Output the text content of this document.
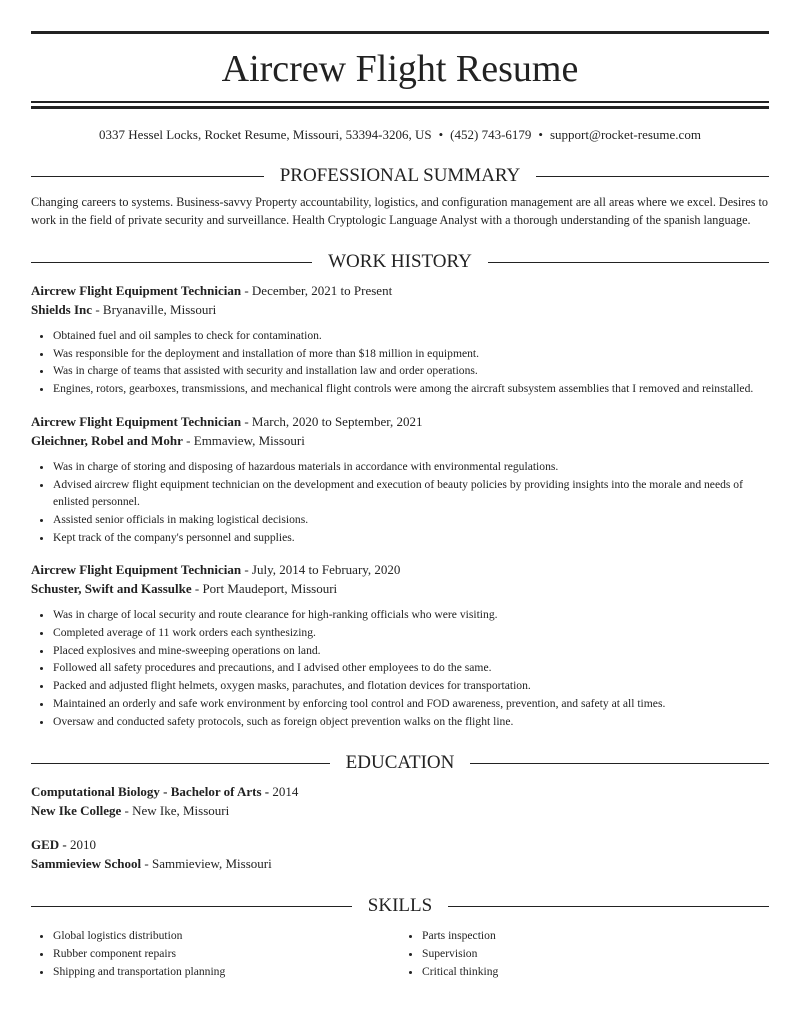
Aircrew Flight Resume
0337 Hessel Locks, Rocket Resume, Missouri, 53394-3206, US • (452) 743-6179 • support@rocket-resume.com
PROFESSIONAL SUMMARY

Changing careers to systems. Business-savvy Property accountability, logistics, and configuration management are all areas where we excel. Desires to work in the field of private security and surveillance. Health Cryptologic Language Analyst with a thorough understanding of the spanish language.

WORK HISTORY
Aircrew Flight Equipment Technician - December, 2021 to Present
Shields Inc - Bryanaville, Missouri
• Obtained fuel and oil samples to check for contamination.
• Was responsible for the deployment and installation of more than $18 million in equipment.
• Was in charge of teams that assisted with security and installation law and order operations.
• Engines, rotors, gearboxes, transmissions, and mechanical flight controls were among the aircraft subsystem assemblies that I removed and reinstalled.
Aircrew Flight Equipment Technician - March, 2020 to September, 2021
Gleichner, Robel and Mohr - Emmaview, Missouri
• Was in charge of storing and disposing of hazardous materials in accordance with environmental regulations.
• Advised aircrew flight equipment technician on the development and execution of beauty policies by providing insights into the morale and needs of enlisted personnel.
• Assisted senior officials in making logistical decisions.
• Kept track of the company's personnel and supplies.
Aircrew Flight Equipment Technician - July, 2014 to February, 2020
Schuster, Swift and Kassulke - Port Maudeport, Missouri
• Was in charge of local security and route clearance for high-ranking officials who were visiting.
• Completed average of 11 work orders each synthesizing.
• Placed explosives and mine-sweeping operations on land.
• Followed all safety procedures and precautions, and I advised other employees to do the same.
• Packed and adjusted flight helmets, oxygen masks, parachutes, and flotation devices for transportation.
• Maintained an orderly and safe work environment by enforcing tool control and FOD awareness, prevention, and safety at all times.
• Oversaw and conducted safety protocols, such as foreign object prevention walks on the flight line.
EDUCATION
Computational Biology - Bachelor of Arts - 2014
New Ike College - New Ike, Missouri
GED - 2010
Sammieview School - Sammieview, Missouri
SKILLS
• Global logistics distribution
• Rubber component repairs
• Shipping and transportation planning
• Parts inspection
• Supervision
• Critical thinking
